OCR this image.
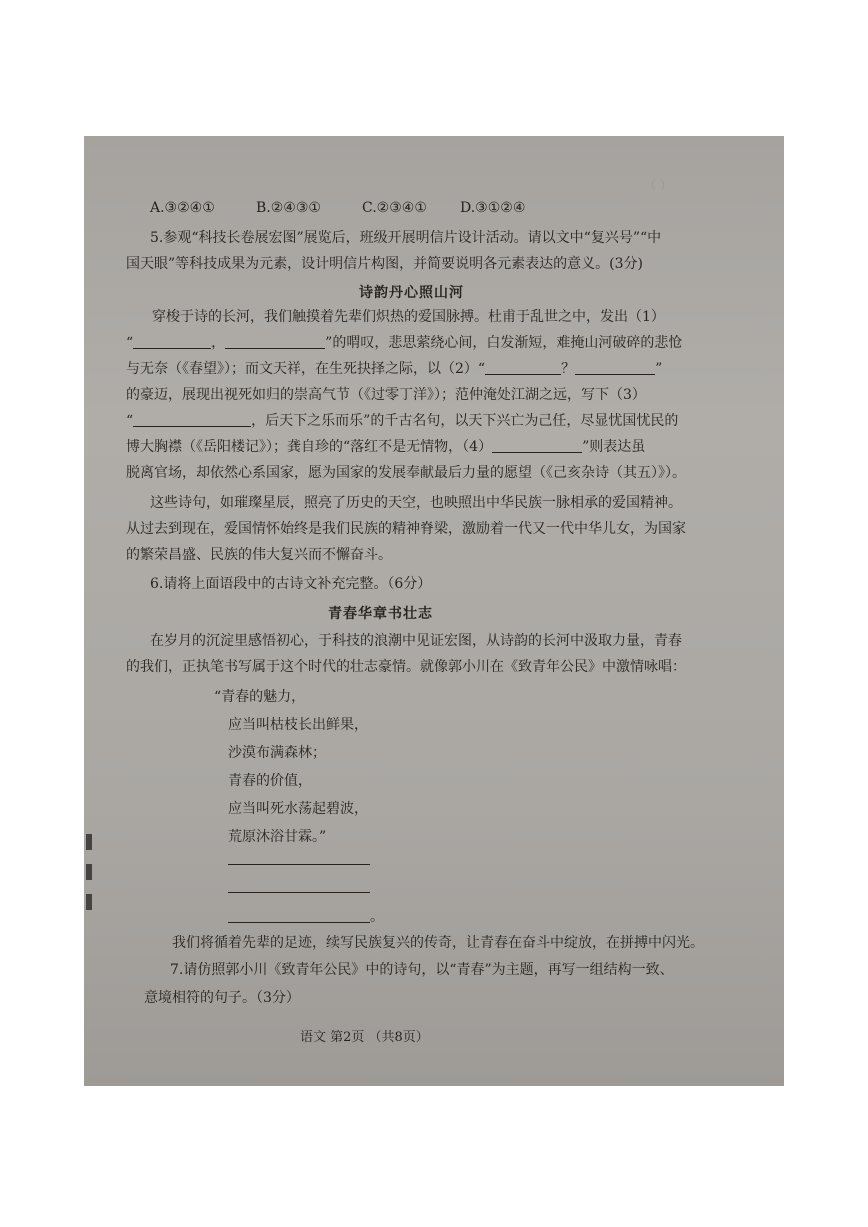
（ ）
A.③②④①	B.②④③①	C.②③④① D.③①②④
5.参观“科技长卷展宏图”展览后，班级开展明信片设计活动。请以文中“复兴号”“中
国天眼”等科技成果为元素，设计明信片构图，并简要说明各元素表达的意义。(3分)
诗韵丹心照山河
穿梭于诗的长河，我们触摸着先辈们炽热的爱国脉搏。杜甫于乱世之中，发出（1）
“	，	”的喟叹，悲思萦绕心间，白发渐短，难掩山河破碎的悲怆
与无奈（《春望》）；而文天祥，在生死抉择之际，以（2）“	？	”
的豪迈，展现出视死如归的崇高气节（《过零丁洋》）；范仲淹处江湖之远，写下（3）
“	，后天下之乐而乐”的千古名句，以天下兴亡为己任，尽显忧国忧民的
博大胸襟（《岳阳楼记》）；龚自珍的“落红不是无情物，（4）	”则表达虽
脱离官场，却依然心系国家，愿为国家的发展奉献最后力量的愿望（《己亥杂诗（其五）》）。
这些诗句，如璀璨星辰，照亮了历史的天空，也映照出中华民族一脉相承的爱国精神。
从过去到现在，爱国情怀始终是我们民族的精神脊梁，激励着一代又一代中华儿女，为国家
的繁荣昌盛、民族的伟大复兴而不懈奋斗。
6.请将上面语段中的古诗文补充完整。（6分）
青春华章书壮志
在岁月的沉淀里感悟初心，于科技的浪潮中见证宏图，从诗韵的长河中汲取力量，青春
的我们，正执笔书写属于这个时代的壮志豪情。就像郭小川在《致青年公民》中激情咏唱：
“青春的魅力，
应当叫枯枝长出鲜果，
沙漠布满森林；
青春的价值，
应当叫死水荡起碧波，
荒原沐浴甘霖。”
。
我们将循着先辈的足迹，续写民族复兴的传奇，让青春在奋斗中绽放，在拼搏中闪光。
7.请仿照郭小川《致青年公民》中的诗句，以“青春”为主题，再写一组结构一致、
意境相符的句子。（3分）
语文 第2页 （共8页）
